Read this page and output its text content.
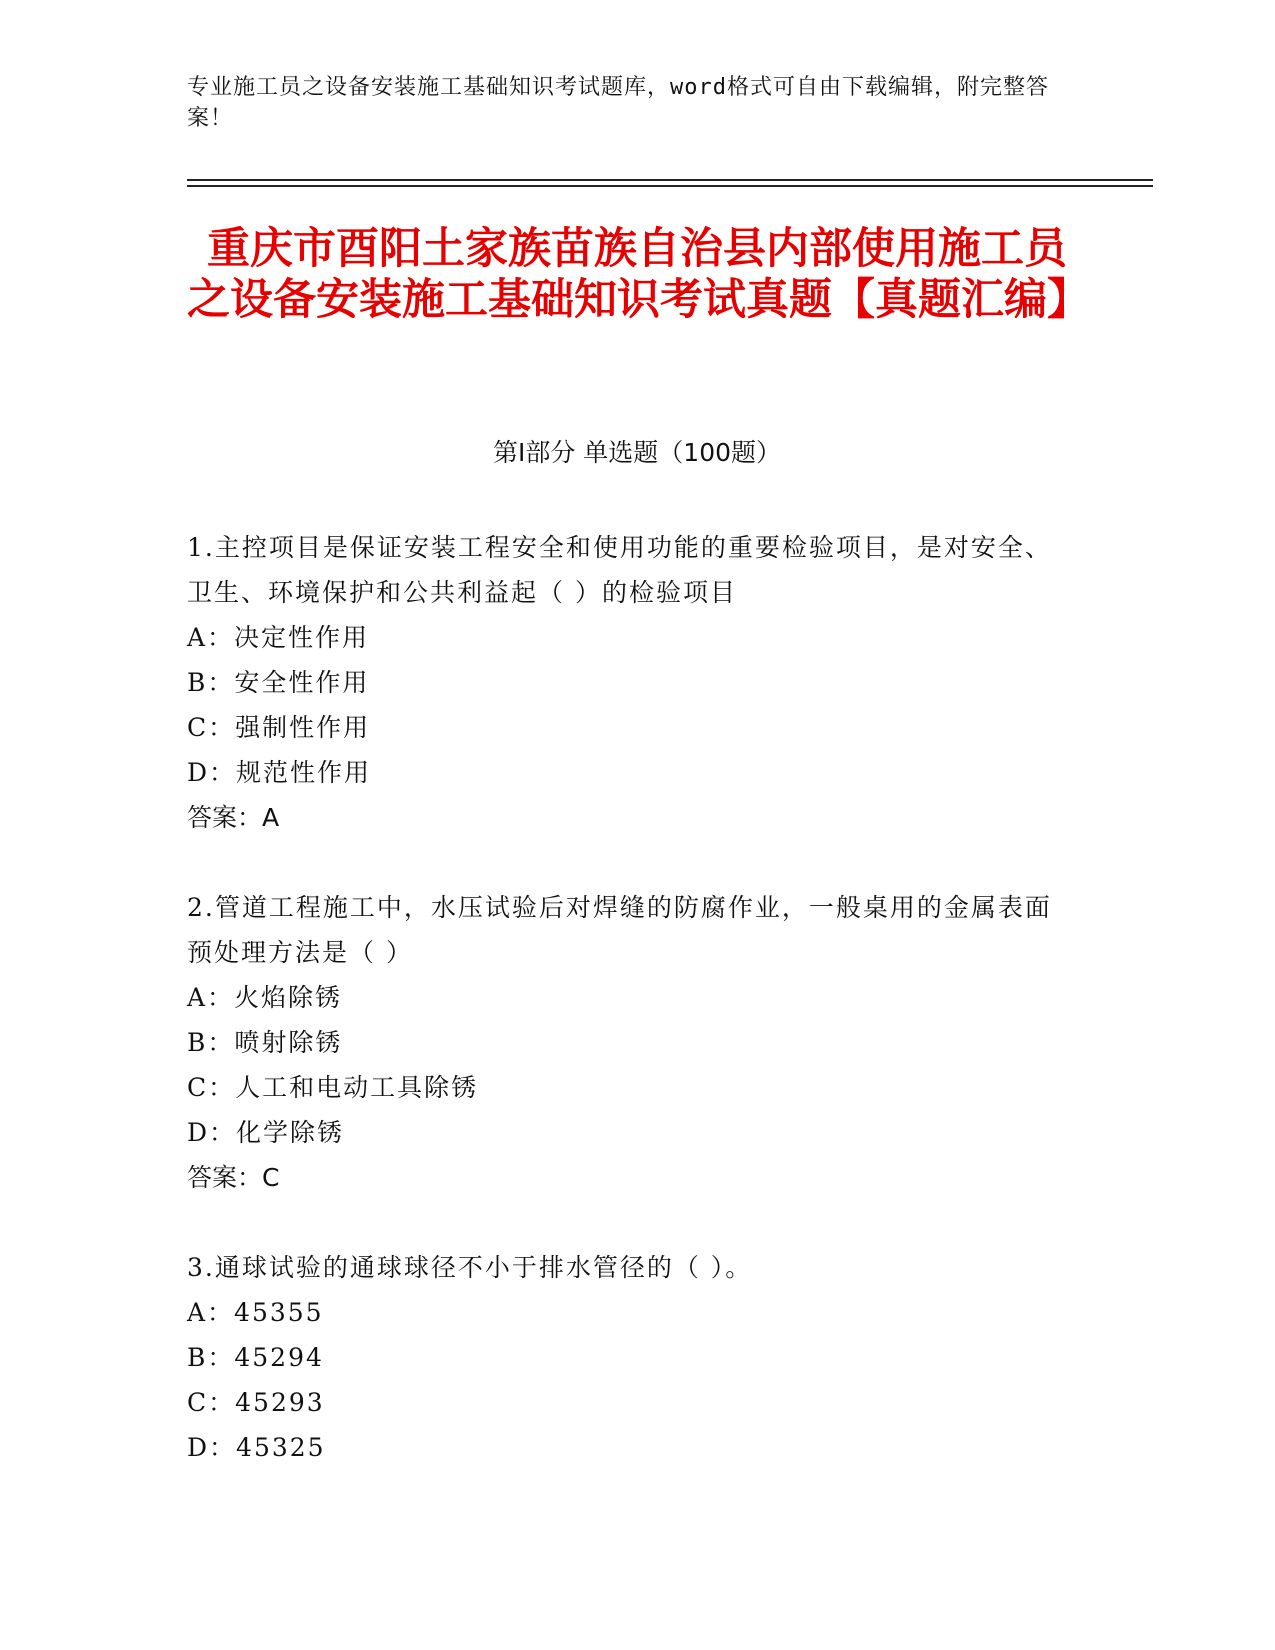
专业施工员之设备安装施工基础知识考试题库，word格式可自由下载编辑，附完整答案！
重庆市酉阳土家族苗族自治县内部使用施工员之设备安装施工基础知识考试真题【真题汇编】
第Ⅰ部分 单选题（100题）
1.主控项目是保证安装工程安全和使用功能的重要检验项目，是对安全、卫生、环境保护和公共利益起（ ）的检验项目
A：决定性作用
B：安全性作用
C：强制性作用
D：规范性作用
答案：A
2.管道工程施工中，水压试验后对焊缝的防腐作业，一般桌用的金属表面预处理方法是（ ）
A：火焰除锈
B：喷射除锈
C：人工和电动工具除锈
D：化学除锈
答案：C
3.通球试验的通球球径不小于排水管径的（ ）。
A：45355
B：45294
C：45293
D：45325
